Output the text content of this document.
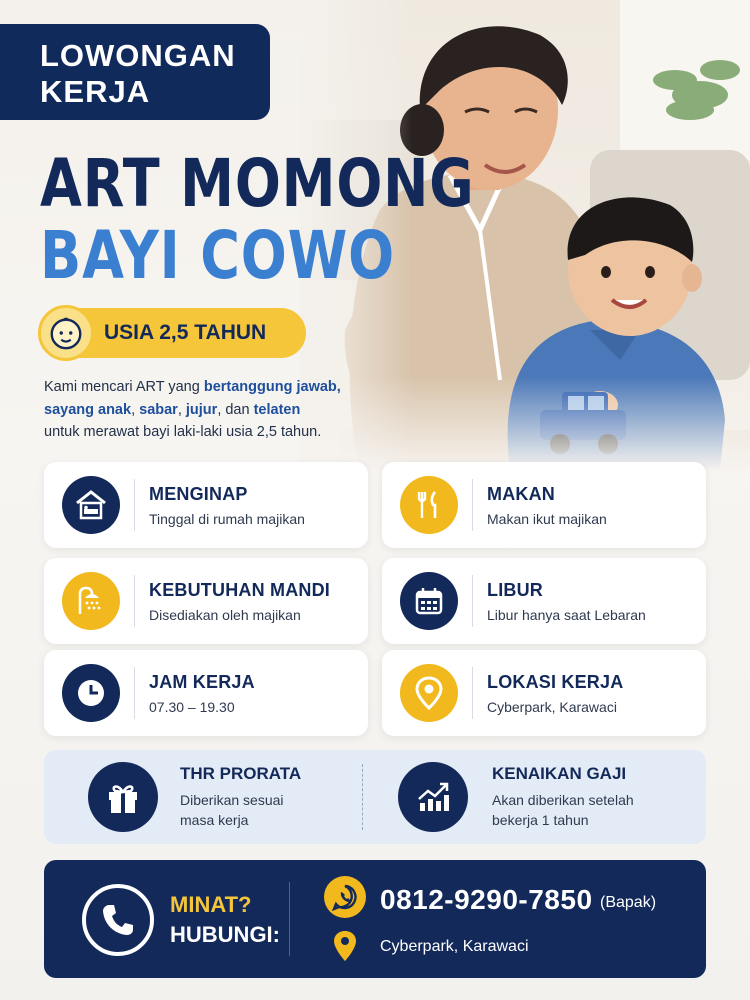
LOWONGAN
KERJA
ART MOMONG
BAYI COWO
USIA 2,5 TAHUN
Kami mencari ART yang bertanggung jawab,
sayang anak, sabar, jujur, dan telaten
untuk merawat bayi laki-laki usia 2,5 tahun.
MENGINAP
Tinggal di rumah majikan
MAKAN
Makan ikut majikan
KEBUTUHAN MANDI
Disediakan oleh majikan
LIBUR
Libur hanya saat Lebaran
JAM KERJA
07.30 – 19.30
LOKASI KERJA
Cyberpark, Karawaci
THR PRORATA
Diberikan sesuai
masa kerja
KENAIKAN GAJI
Akan diberikan setelah
bekerja 1 tahun
MINAT?
HUBUNGI:
0812-9290-7850 (Bapak)
Cyberpark, Karawaci
